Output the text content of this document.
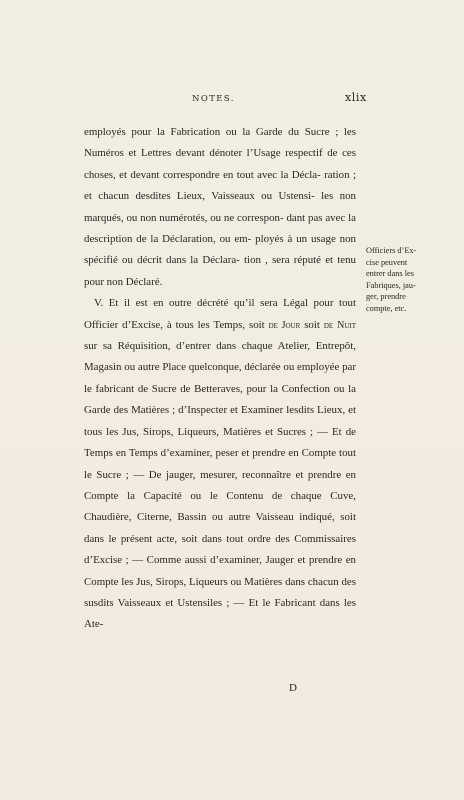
NOTES.	xlix

employés pour la Fabrication ou la Garde du Sucre ; les Numéros et Lettres devant dénoter l’Usage respectif de ces choses, et devant correspondre en tout avec la Décla- ration ; et chacun desdites Lieux, Vaisseaux ou Ustensi- les non marqués, ou non numérotés, ou ne correspon- dant pas avec la description de la Déclaration, ou em- ployés à un usage non spécifié ou décrit dans la Déclara- tion , sera réputé et tenu pour non Déclaré.

V. Et il est en outre décrété qu’il sera Légal pour tout Officier d’Excise, à tous les Temps, soit de Jour soit de Nuit sur sa Réquisition, d’entrer dans chaque Atelier, Entrepôt, Magasin ou autre Place quelconque, déclarée ou employée par le fabricant de Sucre de Betteraves, pour la Confection ou la Garde des Matières ; d’Inspecter et Examiner lesdits Lieux, et tous les Jus, Sirops, Liqueurs, Matières et Sucres ; — Et de Temps en Temps d’examiner, peser et prendre en Compte tout le Sucre ; — De jauger, mesurer, reconnaître et prendre en Compte la Capacité ou le Contenu de chaque Cuve, Chaudière, Citerne, Bassin ou autre Vaisseau indiqué, soit dans le présent acte, soit dans tout ordre des Commissaires d’Excise ; — Comme aussi d’examiner, Jauger et prendre en Compte les Jus, Sirops, Liqueurs ou Matières dans chacun des susdits Vaisseaux et Ustensiles ; — Et le Fabricant dans les Ate-

Officiers d’Ex-
cise peuvent
entrer dans les
Fabriques, jau-
ger, prendre
compte, etc.
D
